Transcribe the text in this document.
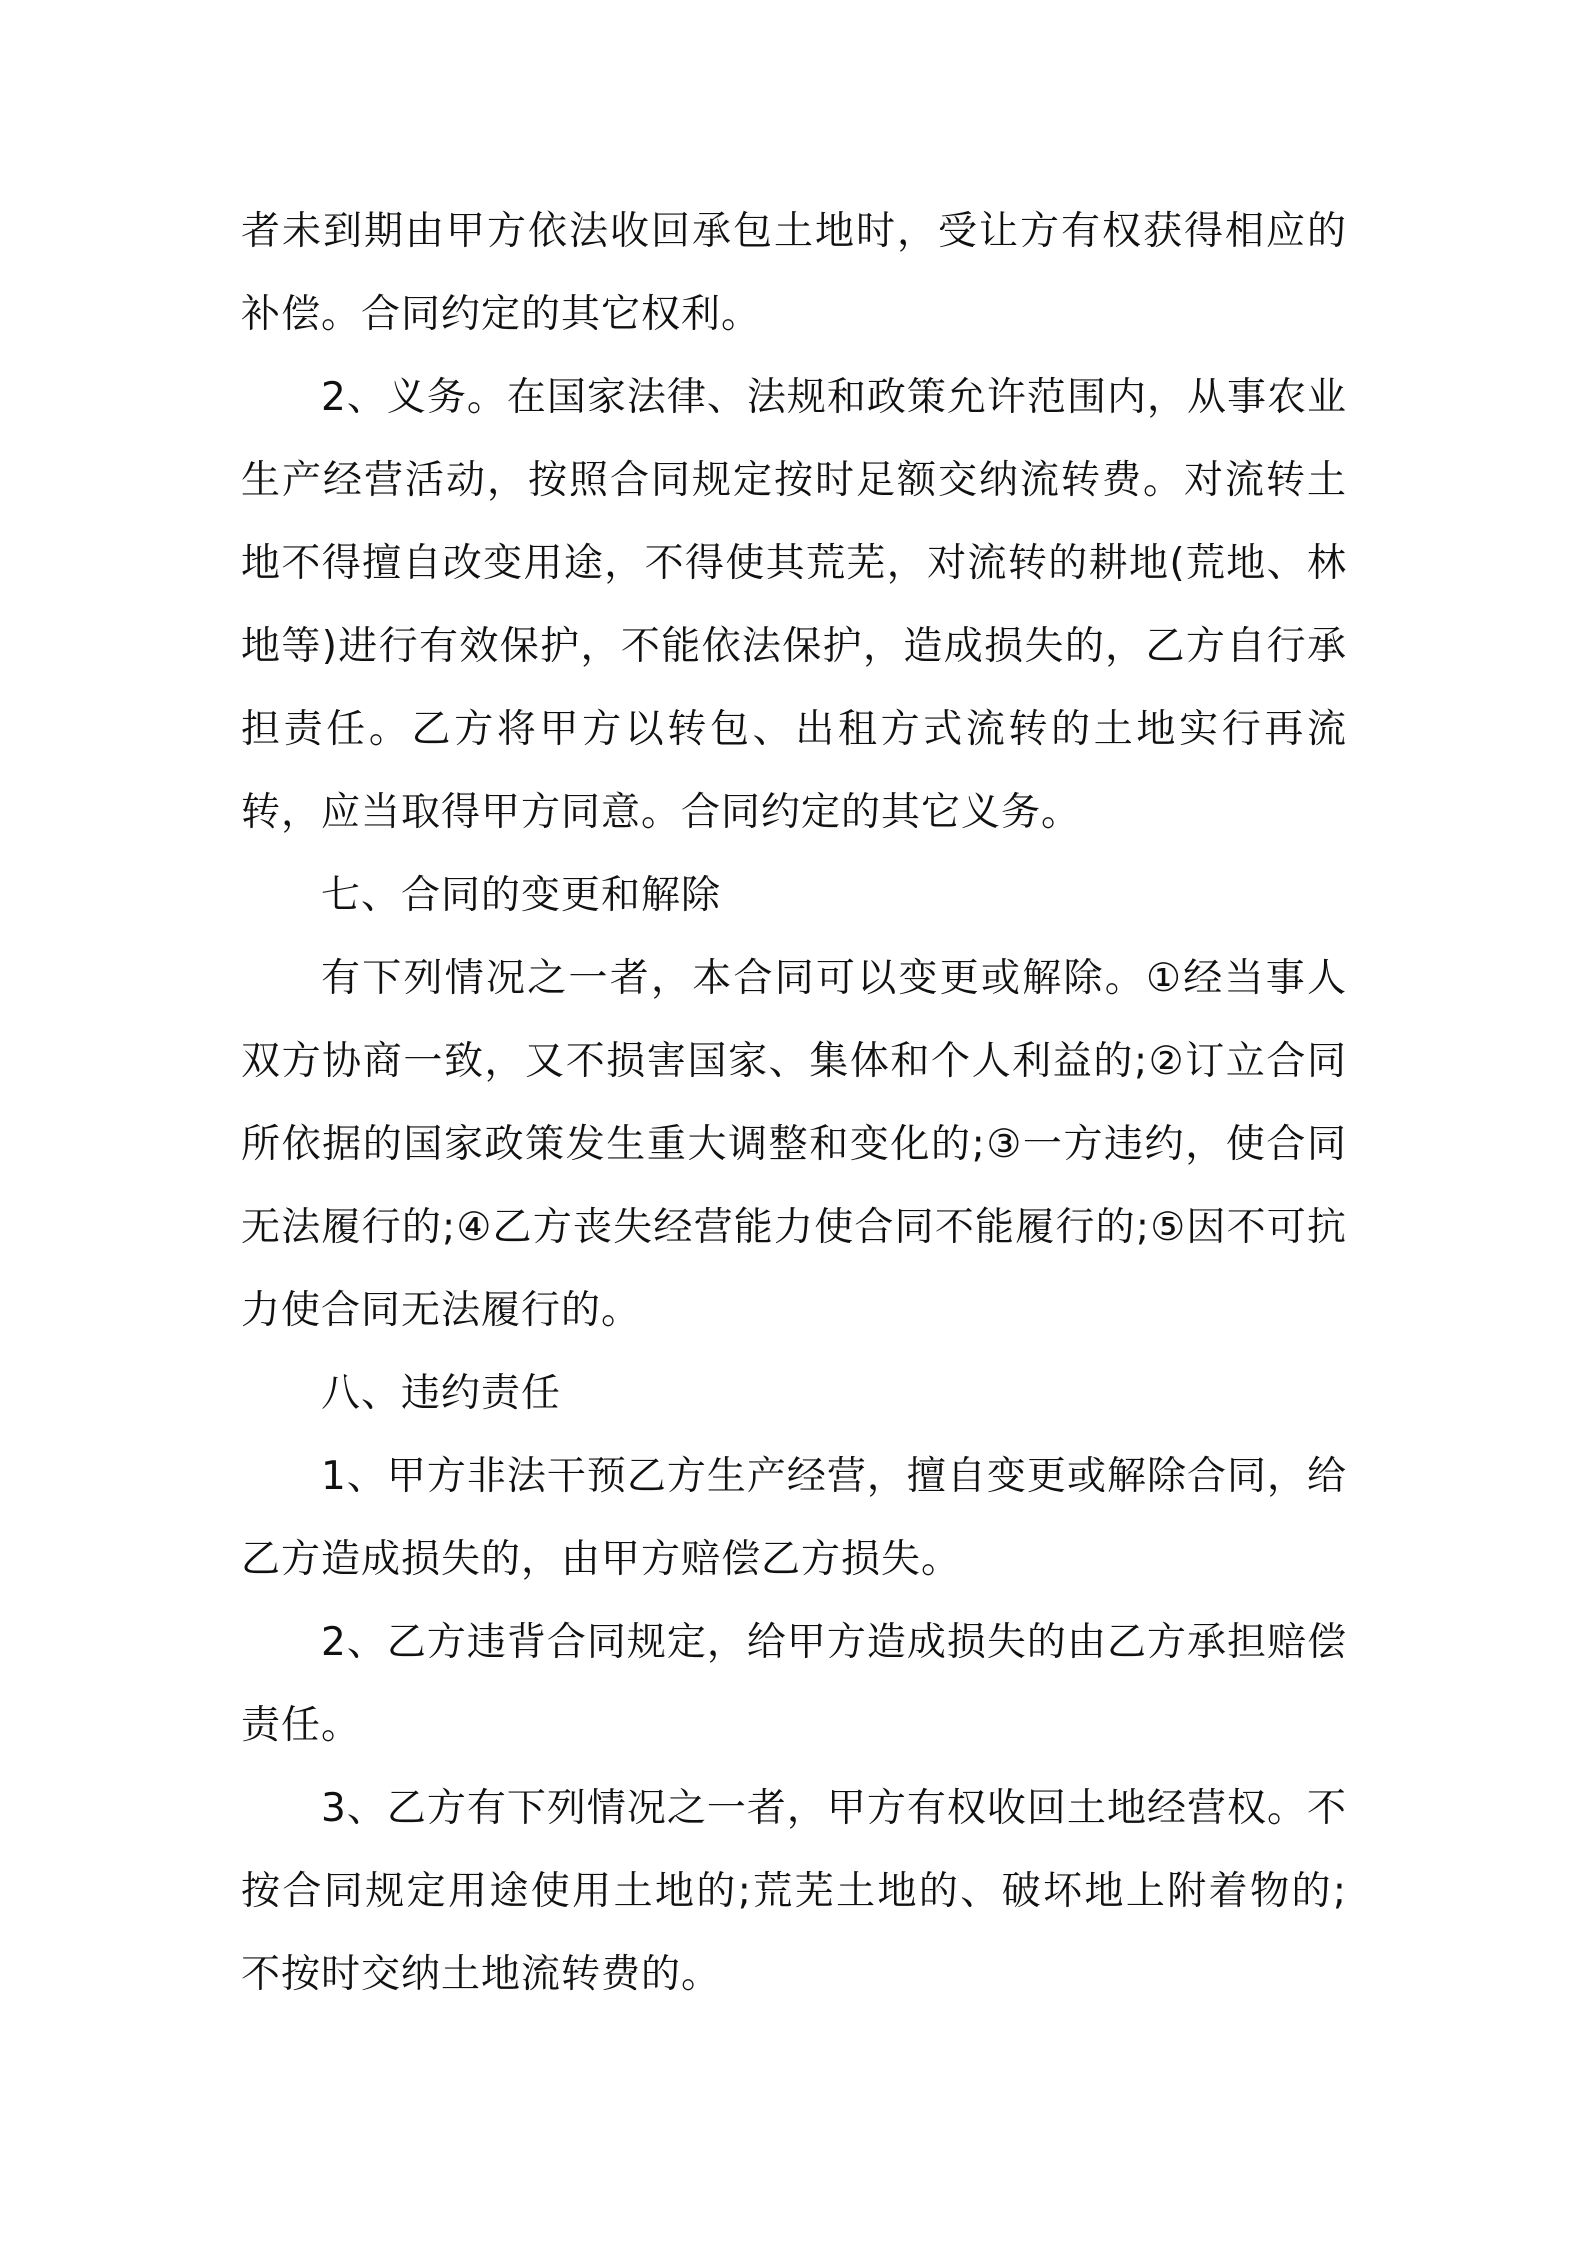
者未到期由甲方依法收回承包土地时，受让方有权获得相应的补偿。合同约定的其它权利。

2、义务。在国家法律、法规和政策允许范围内，从事农业生产经营活动，按照合同规定按时足额交纳流转费。对流转土地不得擅自改变用途，不得使其荒芜，对流转的耕地(荒地、林地等)进行有效保护，不能依法保护，造成损失的，乙方自行承担责任。乙方将甲方以转包、出租方式流转的土地实行再流转，应当取得甲方同意。合同约定的其它义务。

七、合同的变更和解除

有下列情况之一者，本合同可以变更或解除。①经当事人双方协商一致，又不损害国家、集体和个人利益的;②订立合同所依据的国家政策发生重大调整和变化的;③一方违约，使合同无法履行的;④乙方丧失经营能力使合同不能履行的;⑤因不可抗力使合同无法履行的。

八、违约责任

1、甲方非法干预乙方生产经营，擅自变更或解除合同，给乙方造成损失的，由甲方赔偿乙方损失。

2、乙方违背合同规定，给甲方造成损失的由乙方承担赔偿责任。

3、乙方有下列情况之一者，甲方有权收回土地经营权。不按合同规定用途使用土地的;荒芜土地的、破坏地上附着物的;不按时交纳土地流转费的。
